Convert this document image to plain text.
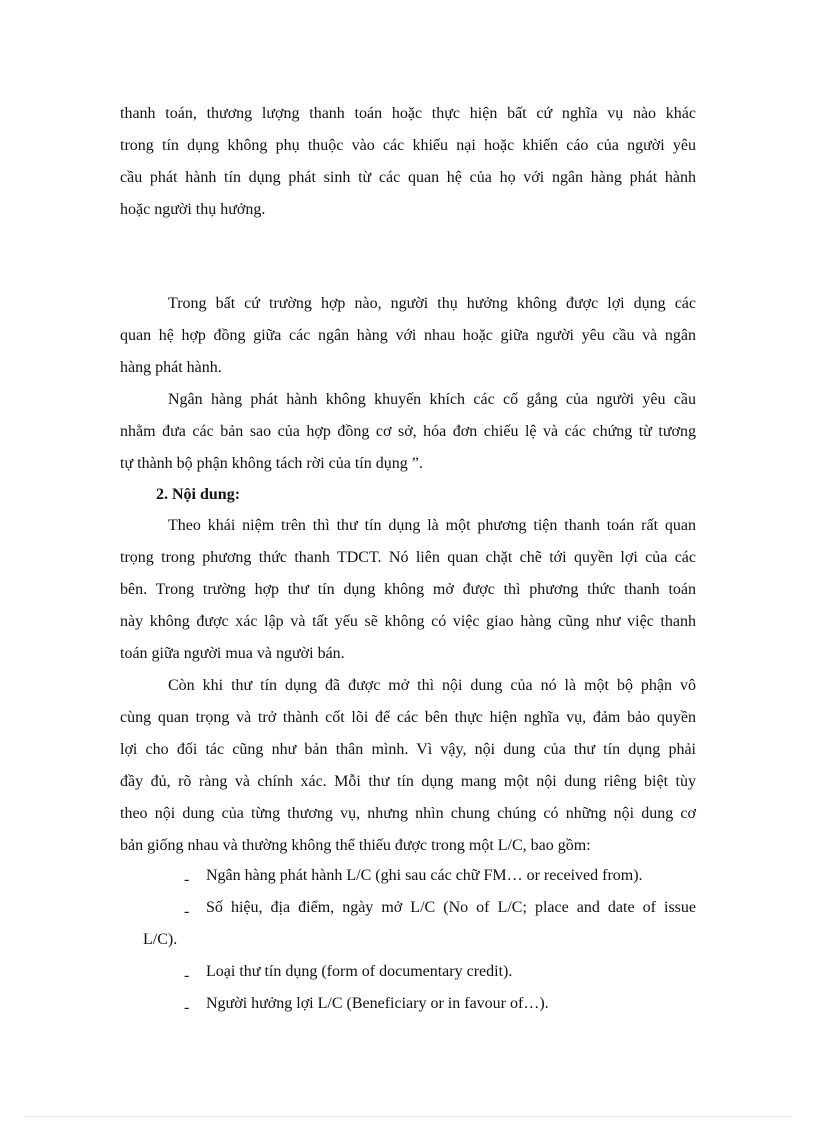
thanh toán, thương lượng thanh toán hoặc thực hiện bất cứ nghĩa vụ nào khác
trong tín dụng không phụ thuộc vào các khiếu nại hoặc khiến cáo của người yêu
cầu phát hành tín dụng phát sinh từ các quan hệ của họ với ngân hàng phát hành
hoặc người thụ hưởng.
Trong bất cứ trường hợp nào, người thụ hưởng không được lợi dụng các
quan hệ hợp đồng giữa các ngân hàng với nhau hoặc giữa người yêu cầu và ngân
hàng phát hành.
Ngân hàng phát hành không khuyến khích các cố gắng của người yêu cầu
nhằm đưa các bản sao của hợp đồng cơ sở, hóa đơn chiếu lệ và các chứng từ tương
tự thành bộ phận không tách rời của tín dụng ”.
2. Nội dung:
Theo khái niệm trên thì thư tín dụng là một phương tiện thanh toán rất quan
trọng trong phương thức thanh TDCT. Nó liên quan chặt chẽ tới quyền lợi của các
bên. Trong trường hợp thư tín dụng không mở được thì phương thức thanh toán
này không được xác lập và tất yếu sẽ không có việc giao hàng cũng như việc thanh
toán giữa người mua và người bán.
Còn khi thư tín dụng đã được mở thì nội dung của nó là một bộ phận vô
cùng quan trọng và trở thành cốt lõi để các bên thực hiện nghĩa vụ, đảm bảo quyền
lợi cho đối tác cũng như bản thân mình. Vì vậy, nội dung của thư tín dụng phải
đầy đủ, rõ ràng và chính xác. Mỗi thư tín dụng mang một nội dung riêng biệt tùy
theo nội dung của từng thương vụ, nhưng nhìn chung chúng có những nội dung cơ
bản giống nhau và thường không thể thiếu được trong một L/C, bao gồm:
- Ngân hàng phát hành L/C (ghi sau các chữ FM… or received from).
- Số hiệu, địa điểm, ngày mở L/C (No of L/C; place and date of issue
L/C).
- Loại thư tín dụng (form of documentary credit).
- Người hưởng lợi L/C (Beneficiary or in favour of…).
